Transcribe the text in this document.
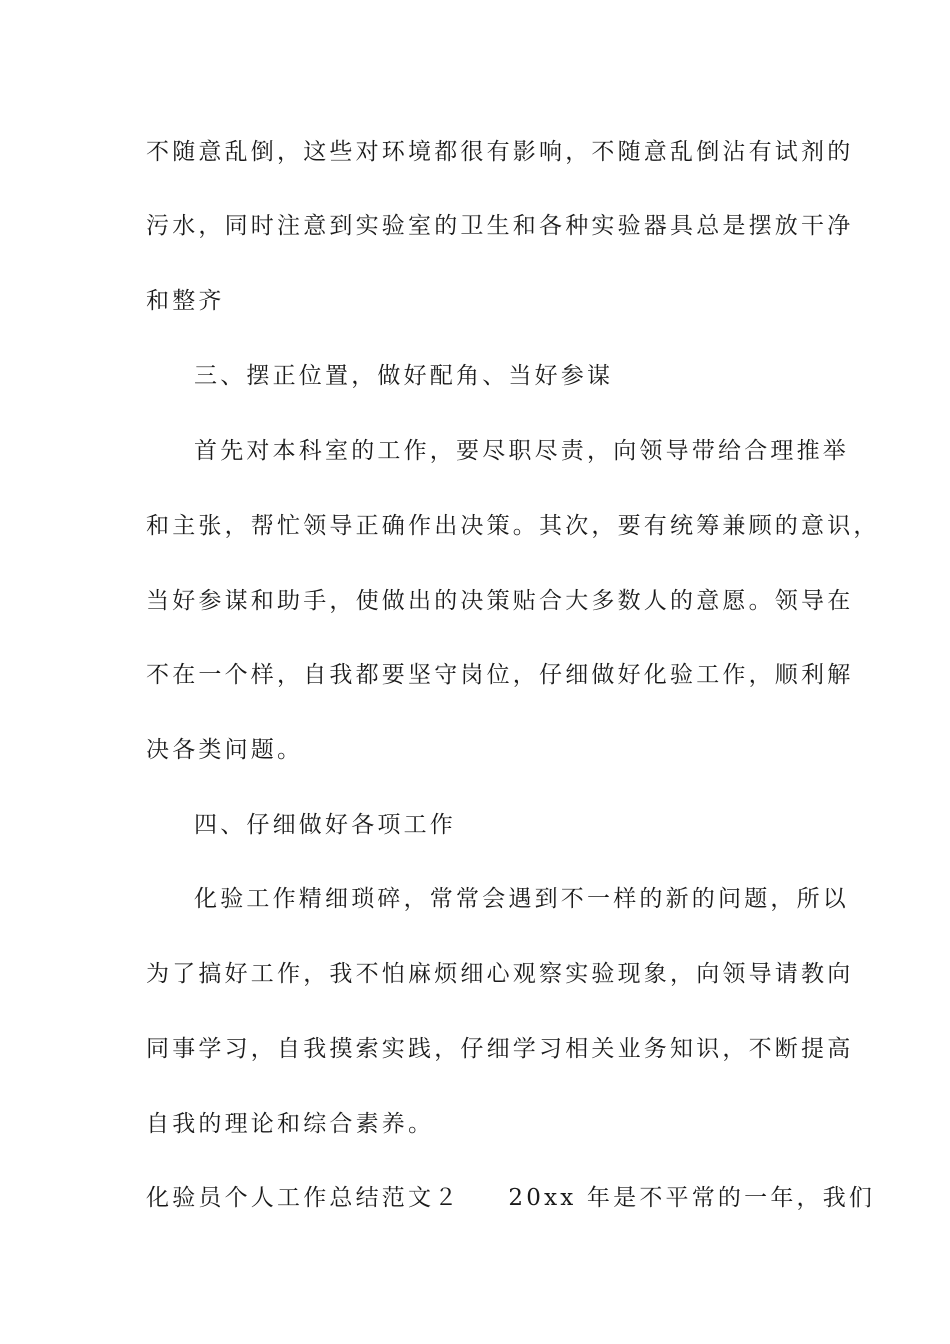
不随意乱倒，这些对环境都很有影响，不随意乱倒沾有试剂的
污水，同时注意到实验室的卫生和各种实验器具总是摆放干净
和整齐
三、摆正位置，做好配角、当好参谋
首先对本科室的工作，要尽职尽责，向领导带给合理推举
和主张，帮忙领导正确作出决策。其次，要有统筹兼顾的意识，
当好参谋和助手，使做出的决策贴合大多数人的意愿。领导在
不在一个样，自我都要坚守岗位，仔细做好化验工作，顺利解
决各类问题。
四、仔细做好各项工作
化验工作精细琐碎，常常会遇到不一样的新的问题，所以
为了搞好工作，我不怕麻烦细心观察实验现象，向领导请教向
同事学习，自我摸索实践，仔细学习相关业务知识，不断提高
自我的理论和综合素养。
化验员个人工作总结范文２ 20xx 年是不平常的一年，我们
